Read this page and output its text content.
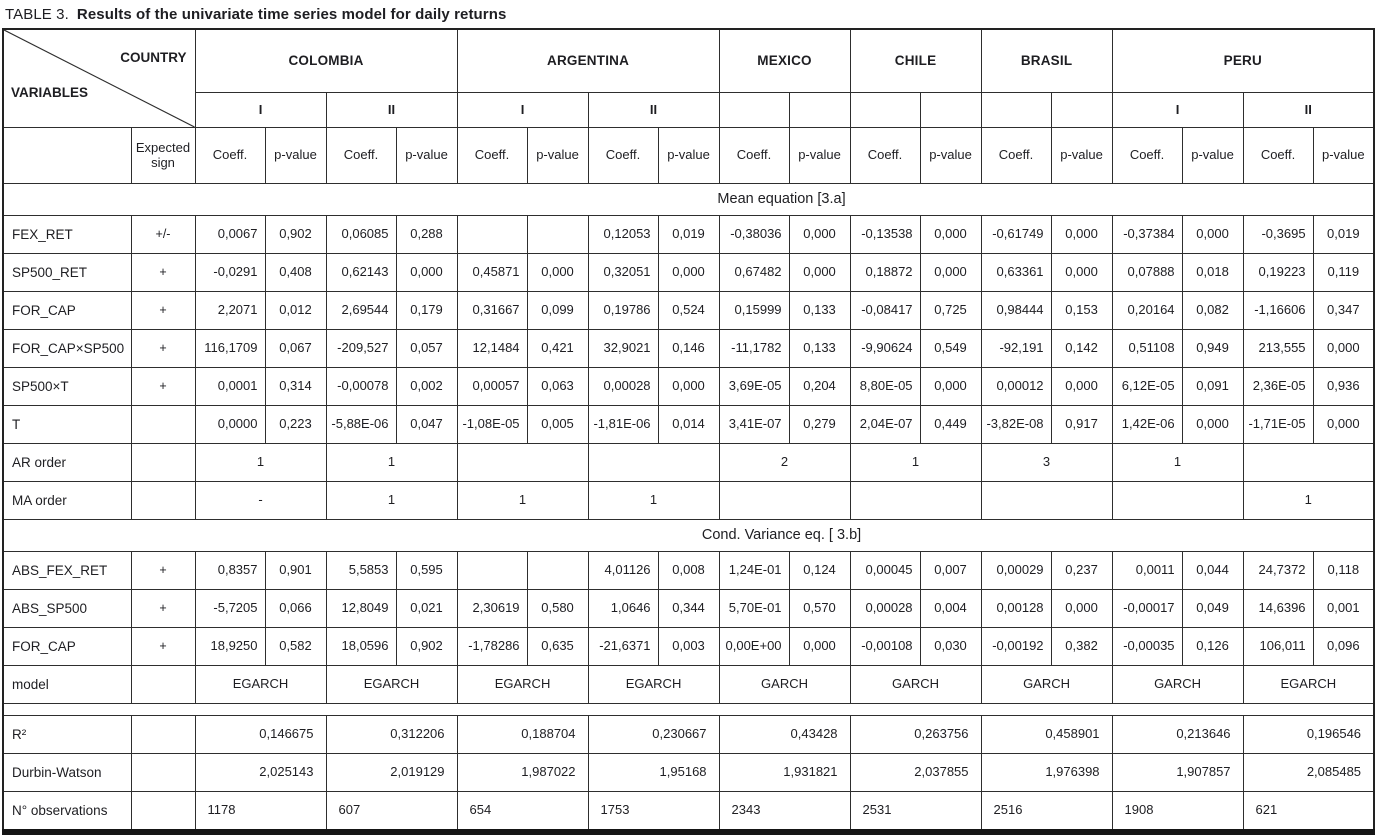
TABLE 3. Results of the univariate time series model for daily returns
COUNTRY
VARIABLES		COLOMBIA				ARGENTINA				MEXICO		CHILE		BRASIL		PERU			
		I		II		I		II								I		II	
	Expected sign	Coeff.	p-value	Coeff.	p-value	Coeff.	p-value	Coeff.	p-value	Coeff.	p-value	Coeff.	p-value	Coeff.	p-value	Coeff.	p-value	Coeff.	p-value
Mean equation [3.a]																			
FEX_RET	+/-	0,0067	0,902	0,06085	0,288			0,12053	0,019	-0,38036	0,000	-0,13538	0,000	-0,61749	0,000	-0,37384	0,000	-0,3695	0,019
SP500_RET	+	-0,0291	0,408	0,62143	0,000	0,45871	0,000	0,32051	0,000	0,67482	0,000	0,18872	0,000	0,63361	0,000	0,07888	0,018	0,19223	0,119
FOR_CAP	+	2,2071	0,012	2,69544	0,179	0,31667	0,099	0,19786	0,524	0,15999	0,133	-0,08417	0,725	0,98444	0,153	0,20164	0,082	-1,16606	0,347
FOR_CAP×SP500	+	116,1709	0,067	-209,527	0,057	12,1484	0,421	32,9021	0,146	-11,1782	0,133	-9,90624	0,549	-92,191	0,142	0,51108	0,949	213,555	0,000
SP500×T	+	0,0001	0,314	-0,00078	0,002	0,00057	0,063	0,00028	0,000	3,69E-05	0,204	8,80E-05	0,000	0,00012	0,000	6,12E-05	0,091	2,36E-05	0,936
T		0,0000	0,223	-5,88E-06	0,047	-1,08E-05	0,005	-1,81E-06	0,014	3,41E-07	0,279	2,04E-07	0,449	-3,82E-08	0,917	1,42E-06	0,000	-1,71E-05	0,000
AR order		1		1						2		1		3		1			
MA order		-		1		1		1										1	
Cond. Variance eq. [ 3.b]																			
ABS_FEX_RET	+	0,8357	0,901	5,5853	0,595			4,01126	0,008	1,24E-01	0,124	0,00045	0,007	0,00029	0,237	0,0011	0,044	24,7372	0,118
ABS_SP500	+	-5,7205	0,066	12,8049	0,021	2,30619	0,580	1,0646	0,344	5,70E-01	0,570	0,00028	0,004	0,00128	0,000	-0,00017	0,049	14,6396	0,001
FOR_CAP	+	18,9250	0,582	18,0596	0,902	-1,78286	0,635	-21,6371	0,003	0,00E+00	0,000	-0,00108	0,030	-0,00192	0,382	-0,00035	0,126	106,011	0,096
model		EGARCH		EGARCH		EGARCH		EGARCH		GARCH		GARCH		GARCH		GARCH		EGARCH	

R²		0,146675		0,312206		0,188704		0,230667		0,43428		0,263756		0,458901		0,213646		0,196546	
Durbin-Watson		2,025143		2,019129		1,987022		1,95168		1,931821		2,037855		1,976398		1,907857		2,085485	
N° observations		1178		607		654		1753		2343		2531		2516		1908		621	
